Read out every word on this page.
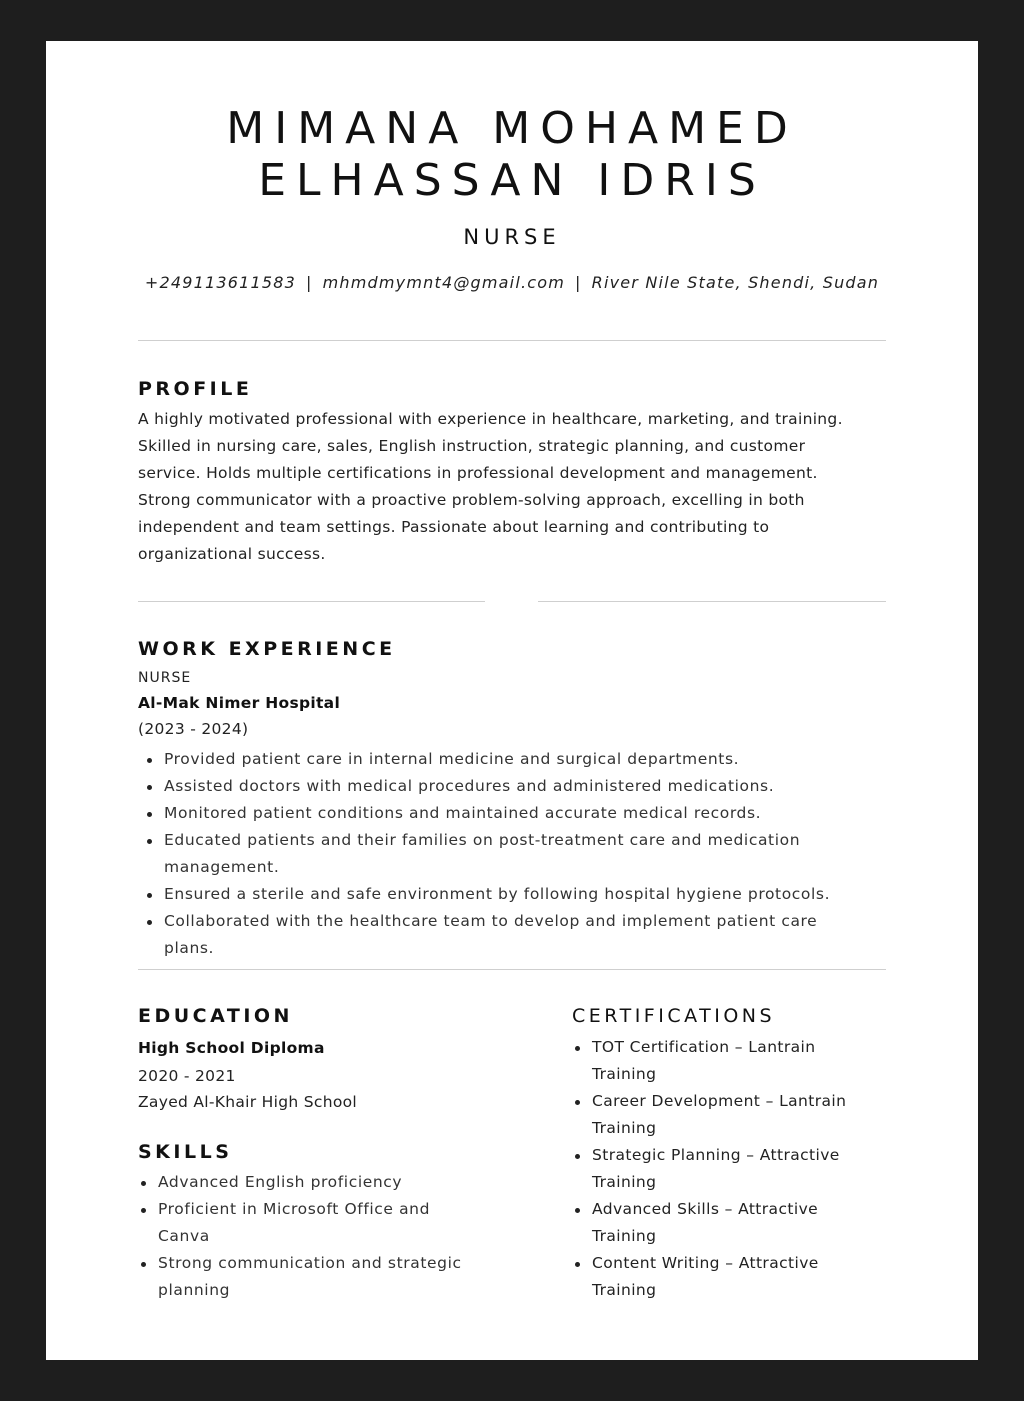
MIMANA MOHAMED
ELHASSAN IDRIS
NURSE
+249113611583 | mhmdmymnt4@gmail.com | River Nile State, Shendi, Sudan
PROFILE
A highly motivated professional with experience in healthcare, marketing, and training.
Skilled in nursing care, sales, English instruction, strategic planning, and customer
service. Holds multiple certifications in professional development and management.
Strong communicator with a proactive problem-solving approach, excelling in both
independent and team settings. Passionate about learning and contributing to
organizational success.
WORK EXPERIENCE
NURSE
Al-Mak Nimer Hospital
(2023 - 2024)
Provided patient care in internal medicine and surgical departments.
Assisted doctors with medical procedures and administered medications.
Monitored patient conditions and maintained accurate medical records.
Educated patients and their families on post-treatment care and medication management.
Ensured a sterile and safe environment by following hospital hygiene protocols.
Collaborated with the healthcare team to develop and implement patient care plans.
EDUCATION
High School Diploma
2020 - 2021
Zayed Al-Khair High School
SKILLS
Advanced English proficiency
Proficient in Microsoft Office and Canva
Strong communication and strategic planning
CERTIFICATIONS
TOT Certification – Lantrain Training
Career Development – Lantrain Training
Strategic Planning – Attractive Training
Advanced Skills – Attractive Training
Content Writing – Attractive Training
